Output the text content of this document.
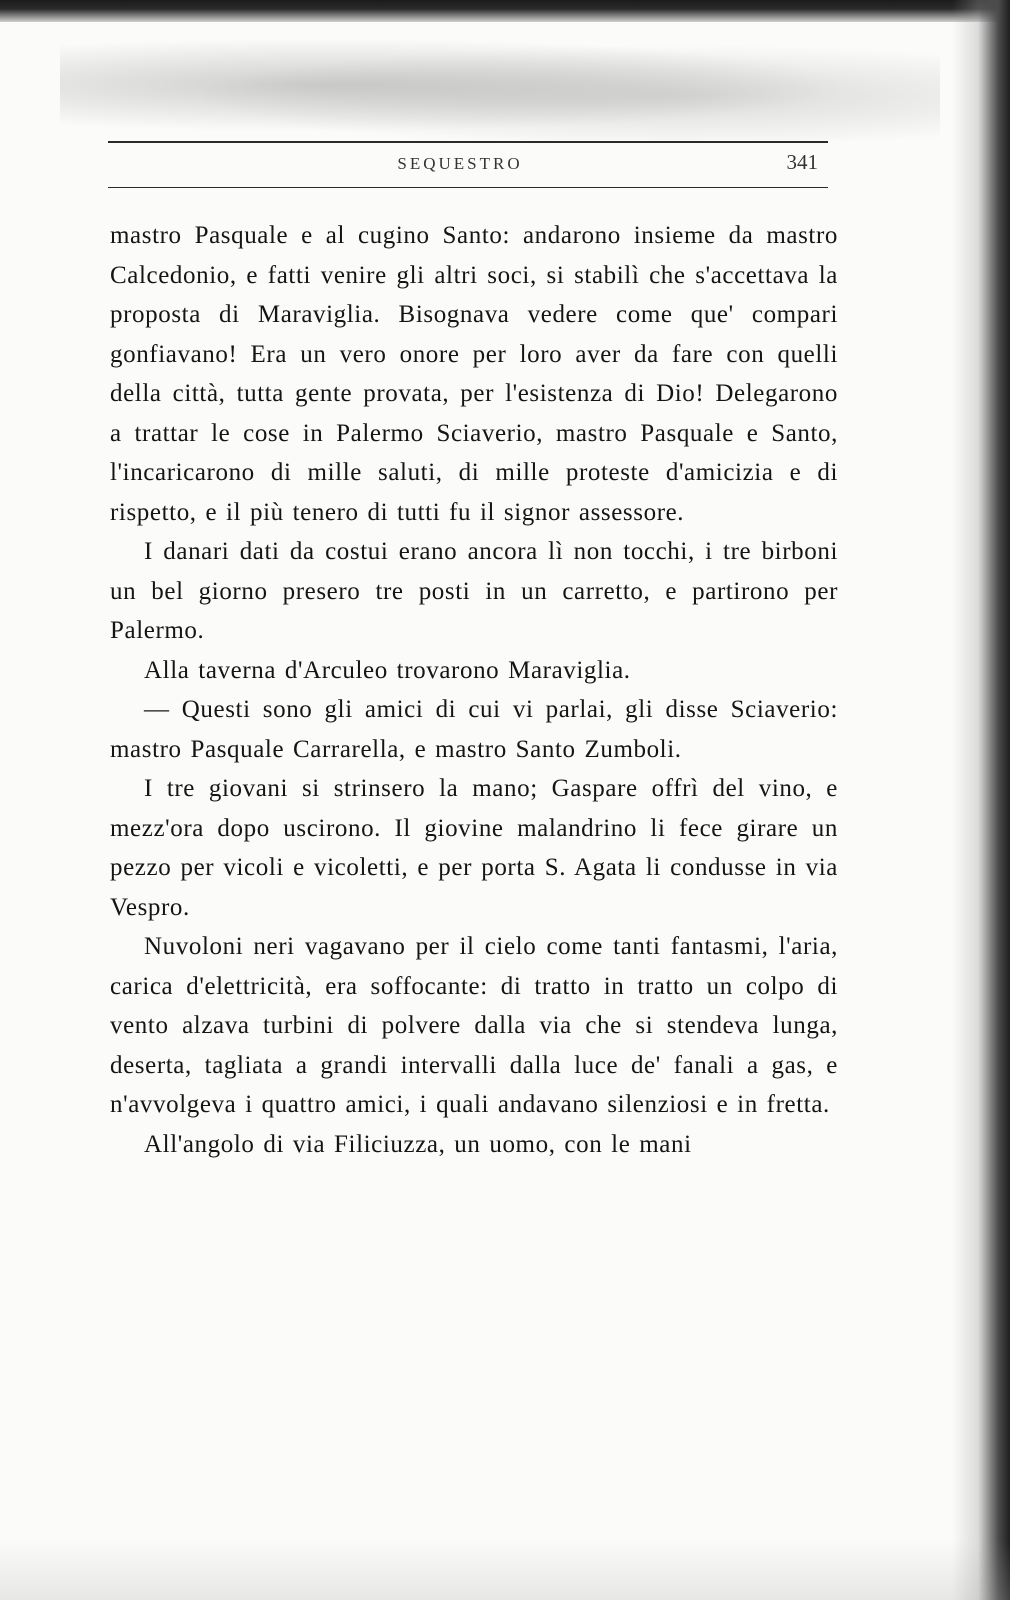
SEQUESTRO	341

mastro Pasquale e al cugino Santo: andarono insieme da mastro Calcedonio, e fatti venire gli altri soci, si stabilì che s'accettava la proposta di Maraviglia. Bisognava vedere come que' compari gonfiavano! Era un vero onore per loro aver da fare con quelli della città, tutta gente provata, per l'esistenza di Dio! Delegarono a trattar le cose in Palermo Sciaverio, mastro Pasquale e Santo, l'incaricarono di mille saluti, di mille proteste d'amicizia e di rispetto, e il più tenero di tutti fu il signor assessore.

I danari dati da costui erano ancora lì non tocchi, i tre birboni un bel giorno presero tre posti in un carretto, e partirono per Palermo.

Alla taverna d'Arculeo trovarono Maraviglia.

— Questi sono gli amici di cui vi parlai, gli disse Sciaverio: mastro Pasquale Carrarella, e mastro Santo Zumboli.

I tre giovani si strinsero la mano; Gaspare offrì del vino, e mezz'ora dopo uscirono. Il giovine malandrino li fece girare un pezzo per vicoli e vicoletti, e per porta S. Agata li condusse in via Vespro.

Nuvoloni neri vagavano per il cielo come tanti fantasmi, l'aria, carica d'elettricità, era soffocante: di tratto in tratto un colpo di vento alzava turbini di polvere dalla via che si stendeva lunga, deserta, tagliata a grandi intervalli dalla luce de' fanali a gas, e n'avvolgeva i quattro amici, i quali andavano silenziosi e in fretta.

All'angolo di via Filiciuzza, un uomo, con le mani
